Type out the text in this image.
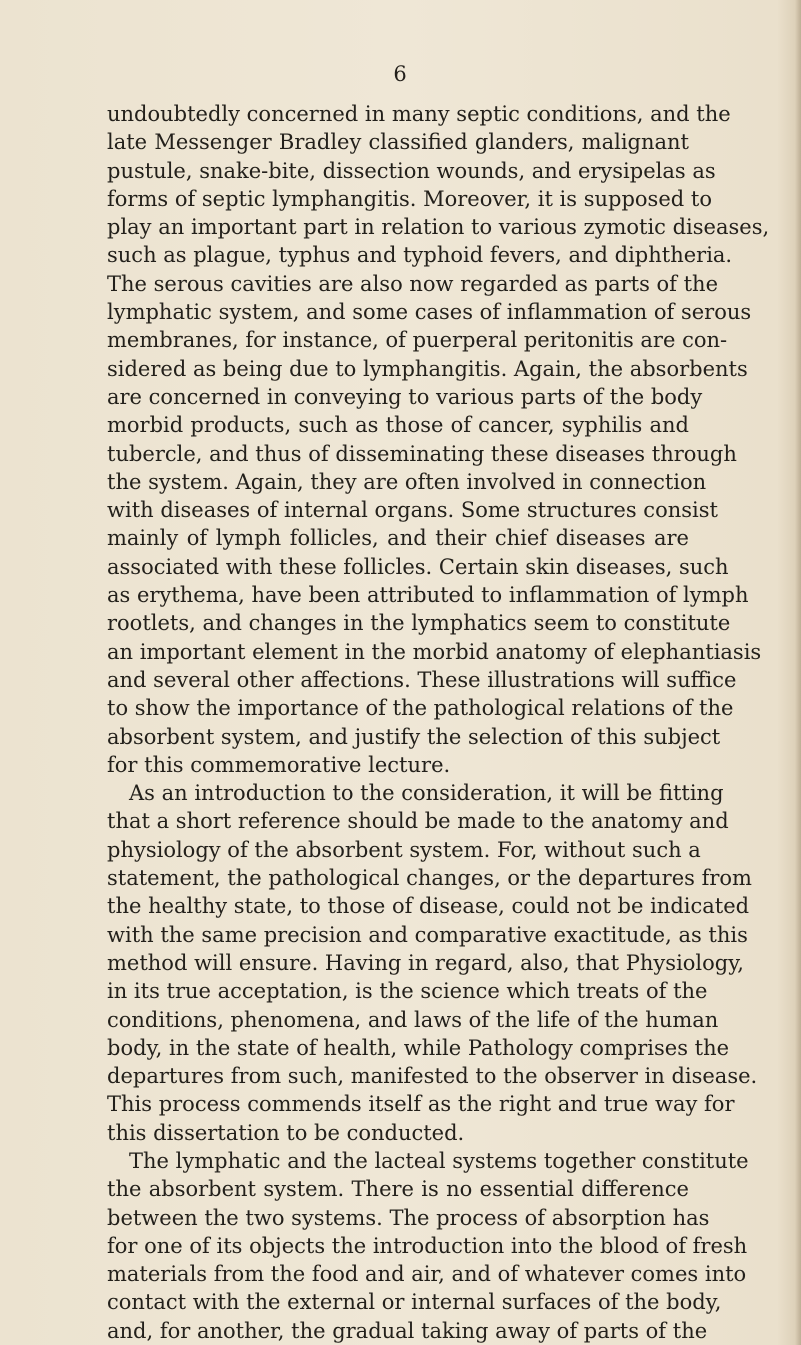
6

undoubtedly concerned in many septic conditions, and the
late Messenger Bradley classified glanders, malignant
pustule, snake-bite, dissection wounds, and erysipelas as
forms of septic lymphangitis. Moreover, it is supposed to
play an important part in relation to various zymotic diseases,
such as plague, typhus and typhoid fevers, and diphtheria.
The serous cavities are also now regarded as parts of the
lymphatic system, and some cases of inflammation of serous
membranes, for instance, of puerperal peritonitis are con-
sidered as being due to lymphangitis. Again, the absorbents
are concerned in conveying to various parts of the body
morbid products, such as those of cancer, syphilis and
tubercle, and thus of disseminating these diseases through
the system. Again, they are often involved in connection
with diseases of internal organs. Some structures consist
mainly of lymph follicles, and their chief diseases are
associated with these follicles. Certain skin diseases, such
as erythema, have been attributed to inflammation of lymph
rootlets, and changes in the lymphatics seem to constitute
an important element in the morbid anatomy of elephantiasis
and several other affections. These illustrations will suffice
to show the importance of the pathological relations of the
absorbent system, and justify the selection of this subject
for this commemorative lecture.

As an introduction to the consideration, it will be fitting
that a short reference should be made to the anatomy and
physiology of the absorbent system. For, without such a
statement, the pathological changes, or the departures from
the healthy state, to those of disease, could not be indicated
with the same precision and comparative exactitude, as this
method will ensure. Having in regard, also, that Physiology,
in its true acceptation, is the science which treats of the
conditions, phenomena, and laws of the life of the human
body, in the state of health, while Pathology comprises the
departures from such, manifested to the observer in disease.
This process commends itself as the right and true way for
this dissertation to be conducted.

The lymphatic and the lacteal systems together constitute
the absorbent system. There is no essential difference
between the two systems. The process of absorption has
for one of its objects the introduction into the blood of fresh
materials from the food and air, and of whatever comes into
contact with the external or internal surfaces of the body,
and, for another, the gradual taking away of parts of the
